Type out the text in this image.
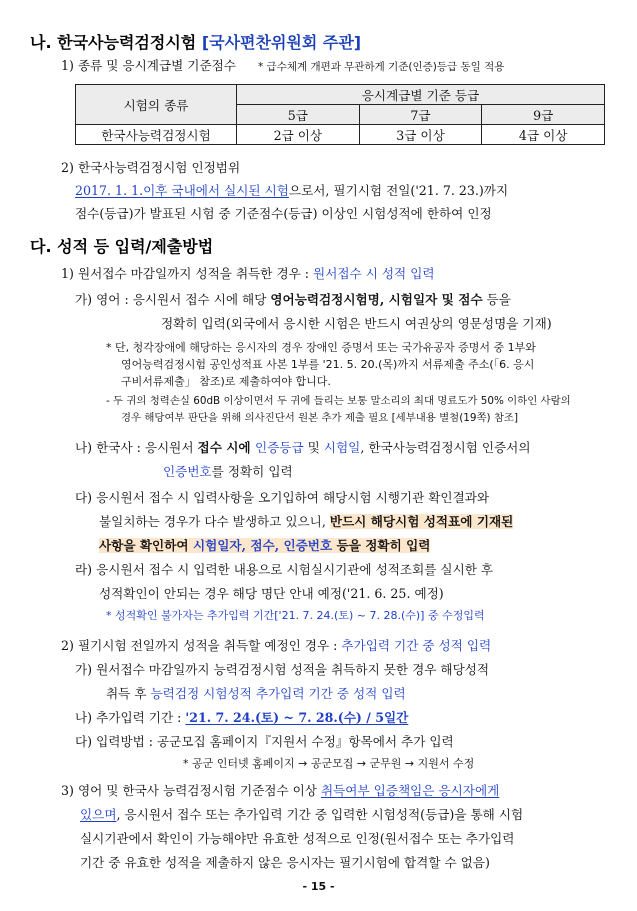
나. 한국사능력검정시험 [국사편찬위원회 주관]
1) 종류 및 응시계급별 기준점수 * 급수체계 개편과 무관하게 기준(인증)등급 동일 적용
시험의 종류	응시계급별 기준 등급		
	5급	7급	9급
한국사능력검정시험	2급 이상	3급 이상	4급 이상
2) 한국사능력검정시험 인정범위
2017. 1. 1.이후 국내에서 실시된 시험으로서, 필기시험 전일('21. 7. 23.)까지
점수(등급)가 발표된 시험 중 기준점수(등급) 이상인 시험성적에 한하여 인정
다. 성적 등 입력/제출방법
1) 원서접수 마감일까지 성적을 취득한 경우 : 원서접수 시 성적 입력
가) 영어 : 응시원서 접수 시에 해당 영어능력검정시험명, 시험일자 및 점수 등을
정확히 입력(외국에서 응시한 시험은 반드시 여권상의 영문성명을 기재)
* 단, 청각장애에 해당하는 응시자의 경우 장애인 증명서 또는 국가유공자 증명서 중 1부와
영어능력검정시험 공인성적표 사본 1부를 '21. 5. 20.(목)까지 서류제출 주소(「6. 응시
구비서류제출」 참조)로 제출하여야 합니다.
- 두 귀의 청력손실 60dB 이상이면서 두 귀에 들리는 보통 말소리의 최대 명료도가 50% 이하인 사람의
경우 해당여부 판단을 위해 의사진단서 원본 추가 제출 필요 [세부내용 별첨(19쪽) 참조]
나) 한국사 : 응시원서 접수 시에 인증등급 및 시험일, 한국사능력검정시험 인증서의
인증번호를 정확히 입력
다) 응시원서 접수 시 입력사항을 오기입하여 해당시험 시행기관 확인결과와
불일치하는 경우가 다수 발생하고 있으니, 반드시 해당시험 성적표에 기재된
사항을 확인하여 시험일자, 점수, 인증번호 등을 정확히 입력
라) 응시원서 접수 시 입력한 내용으로 시험실시기관에 성적조회를 실시한 후
성적확인이 안되는 경우 해당 명단 안내 예정('21. 6. 25. 예정)
* 성적확인 불가자는 추가입력 기간['21. 7. 24.(토) ~ 7. 28.(수)] 중 수정입력
2) 필기시험 전일까지 성적을 취득할 예정인 경우 : 추가입력 기간 중 성적 입력
가) 원서접수 마감일까지 능력검정시험 성적을 취득하지 못한 경우 해당성적
취득 후 능력검정 시험성적 추가입력 기간 중 성적 입력
나) 추가입력 기간 : '21. 7. 24.(토) ~ 7. 28.(수) / 5일간
다) 입력방법 : 공군모집 홈페이지『지원서 수정』항목에서 추가 입력
* 공군 인터넷 홈페이지 → 공군모집 → 군무원 → 지원서 수정
3) 영어 및 한국사 능력검정시험 기준점수 이상 취득여부 입증책임은 응시자에게
있으며, 응시원서 접수 또는 추가입력 기간 중 입력한 시험성적(등급)을 통해 시험
실시기관에서 확인이 가능해야만 유효한 성적으로 인정(원서접수 또는 추가입력
기간 중 유효한 성적을 제출하지 않은 응시자는 필기시험에 합격할 수 없음)
- 15 -
